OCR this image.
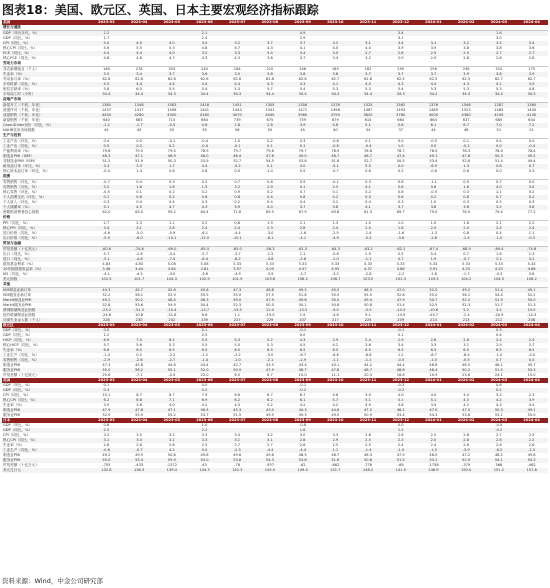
图表18：美国、欧元区、英国、日本主要宏观经济指标跟踪
美国	2023-03	2023-04	2023-05	2023-06	2023-07	2023-08	2023-09	2023-10	2023-11	2023-12	2024-01	2024-02	2024-03	2024-04
增长与通胀														
GDP（环比年化，%）	2.2			2.1			4.9			3.4			1.6	
GDP（同比，%）	1.7			2.4			2.9			3.1			3.0	
CPI（同比，%）	5.0	4.9	4.0	3.0	3.2	3.7	3.7	3.2	3.1	3.4	3.1	3.2	3.5	3.4
核心CPI（同比，%）	5.6	5.5	5.3	4.8	4.7	4.3	4.1	4.0	4.0	3.9	3.9	3.8	3.8	3.6
PCE（同比，%）	4.4	4.4	4.0	3.2	3.3	3.4	3.4	3.0	2.7	2.6	2.5	2.5	2.7	2.7
核心PCE（同比，%）	4.8	4.8	4.7	4.3	4.3	3.8	3.7	3.4	3.2	2.9	2.9	2.8	2.8	2.8
劳动力市场														
非农新增就业（千人）	146	278	303	240	184	210	246	165	182	290	256	236	310	175
失业率（%）	3.5	3.4	3.7	3.6	3.5	3.8	3.8	3.8	3.7	3.7	3.7	3.9	3.8	3.9
劳动参与率（%）	62.6	62.6	62.6	62.6	62.6	62.8	62.8	62.7	62.8	62.5	62.5	62.5	62.7	62.7
平均时薪（同比，%）	4.5	4.4	4.4	4.4	4.4	4.3	4.3	4.1	4.0	4.3	4.4	4.3	4.1	3.9
职位空缺率（%）	5.8	6.0	5.5	5.4	5.3	5.7	5.4	5.3	5.3	5.4	5.3	5.3	5.3	4.8
平均周工时（小时）	34.4	34.4	34.3	34.4	34.3	34.4	34.4	34.3	34.4	34.3	34.2	34.3	34.4	34.3
房地产市场														
新屋开工（千套，年化）	1380	1348	1583	1418	1451	1305	1356	1376	1525	1562	1376	1546	1287	1360
营建许可（千套，年化）	1437	1417	1496	1441	1443	1541	1471	1498	1467	1493	1489	1523	1485	1440
成屋销售（千套，年化）	4430	4280	4300	4160	4070	4040	3960	3790	3820	3780	4000	4380	4190	4140
新屋销售（千套，年化）	640	683	715	684	739	675	759	679	615	664	664	637	665	634
Case-Shiller房价（同比，%）	-1.2	-1.7	-0.5	0.8	1.8	2.6	3.9	4.8	5.1	5.6	6.1	6.7	7.0	7.2
NAHB住房市场指数	44	45	50	55	56	50	45	40	34	37	44	48	51	51
生产与投资														
工业产出（环比，%）	0.4	0.0	-0.1	-0.4	1.0	0.2	0.3	-0.8	0.1	0.0	-0.5	0.1	0.4	0.0
工业产出（同比，%）	0.5	0.2	0.2	-0.4	-0.1	0.1	0.1	-0.8	-0.4	1.0	0.0	-0.2	0.0	-0.4
产能利用率（%）	79.6	79.5	79.4	78.9	79.7	79.6	79.7	78.9	78.8	78.7	78.5	78.3	78.4	78.4
制造业PMI（ISM）	46.3	47.1	46.9	46.0	46.4	47.6	49.0	46.7	46.7	47.4	49.1	47.8	50.3	49.2
非制造业PMI（ISM）	51.2	51.9	50.3	53.9	52.7	54.5	53.6	51.8	52.7	50.5	53.4	52.6	51.4	49.4
耐用品订单（环比，%）	3.3	3.3	1.7	4.4	-5.2	0.1	4.0	-5.1	5.5	0.0	-6.9	1.3	0.8	0.7
核心资本品订单（环比，%）	-0.4	1.4	0.6	0.8	0.0	1.0	0.5	-0.7	0.6	0.2	-0.6	0.6	0.0	0.3
消费														
零售销售（环比，%）	-0.7	0.4	0.3	0.2	0.7	0.8	0.9	-0.1	0.3	0.6	-1.1	0.9	0.7	0.0
零售销售（同比，%）	5.2	1.6	1.6	1.5	3.2	2.9	4.1	2.5	4.1	5.6	0.6	1.6	4.0	3.0
核心零售（环比，%）	-0.5	0.1	0.2	0.2	0.9	0.2	0.7	0.1	0.2	0.6	-0.5	0.3	1.1	0.2
个人消费支出（环比，%）	0.1	0.6	0.2	0.6	0.8	0.4	0.8	0.2	0.3	0.6	0.2	0.8	0.7	0.2
个人收入（环比，%）	0.3	0.4	0.4	0.3	0.2	0.4	0.4	0.2	0.4	0.3	1.0	0.3	0.5	0.3
个人储蓄率（%）	5.1	4.5	4.7	4.3	3.9	4.0	3.7	3.8	4.1	3.7	3.8	3.6	3.2	3.6
密歇根消费者信心指数	62.0	63.5	59.2	64.4	71.6	69.5	67.9	63.8	61.3	69.7	79.0	76.9	79.4	77.2
价格														
PPI（同比，%）	2.7	2.3	1.1	0.2	0.8	1.9	2.1	1.3	1.0	1.0	1.0	1.6	2.1	2.2
核心PPI（同比，%）	3.4	3.1	2.8	2.4	2.4	2.3	2.8	2.4	2.0	1.8	2.0	2.0	2.4	2.4
进口价格（同比，%）	-4.8	-5.0	-5.9	-6.1	-4.4	-3.0	-1.6	-2.0	-1.4	-1.6	-1.3	0.8	0.4	1.1
出口价格（同比，%）	-5.9	-6.0	-10.1	-12.0	-10.1	-8.1	-4.1	-4.9	-5.2	-3.6	-2.6	-1.4	-1.0	-0.3
贸易与金融														
贸易差额（十亿美元）	-60.6	-74.6	-69.0	-65.5	-65.0	-58.3	-61.5	-64.3	-63.2	-62.2	-67.4	-68.9	-69.4	-74.6
出口（同比，%）	4.7	-2.6	-4.4	-5.7	-3.7	-1.5	1.1	-0.6	2.9	0.5	5.4	0.7	1.6	1.3
进口（同比，%）	-5.1	-4.8	-7.4	-8.4	-6.2	-4.8	-2.8	-2.0	-1.1	0.7	1.9	-0.7	2.2	4.2
联邦基金利率（%）	4.83	4.83	5.08	5.08	5.33	5.33	5.33	5.33	5.33	5.33	5.33	5.33	5.33	5.33
10年期国债收益率（%）	3.48	3.44	3.64	3.81	3.97	4.09	4.57	4.93	4.37	3.88	3.91	4.25	4.20	4.68
M2（同比，%）	-4.1	-4.5	-4.0	-3.6	-3.9	-3.9	-3.7	-3.2	-2.8	-2.2	-1.8	-1.7	-0.3	0.6
美元指数	102.5	101.7	104.3	102.9	101.9	103.6	106.2	106.7	103.5	101.3	103.3	104.2	104.5	106.2
其他														
ISM制造业新订单	44.3	45.7	42.6	45.6	47.3	46.8	49.2	45.5	48.3	47.0	52.5	49.2	51.4	49.1
ISM服务业新订单	52.2	56.1	52.9	55.5	55.0	57.5	51.8	55.5	55.5	52.8	55.0	56.1	54.4	52.2
Markit制造业PMI	49.2	50.2	48.4	46.3	49.0	47.9	49.8	50.0	49.4	47.9	50.7	52.2	51.9	50.0
Markit服务业PMI	52.6	53.6	54.9	54.4	52.3	50.5	50.1	50.6	50.8	51.4	52.5	52.3	51.7	51.3
费城联储制造业指数	-23.2	-31.3	-10.4	-13.7	-13.5	12.0	-13.5	-9.0	-5.9	-10.5	-10.6	5.2	3.2	15.5
纽约联储制造业指数	-24.6	10.8	-31.8	6.6	1.1	-19.0	1.9	-4.6	9.1	-14.5	-43.7	-2.4	-20.9	-14.3
初请失业金人数（千人）	228	230	232	239	227	229	207	217	225	209	214	213	212	208
欧元区	2023-03	2023-04	2023-05	2023-06	2023-07	2023-08	2023-09	2023-10	2023-11	2023-12	2024-01	2024-02	2024-03	2024-04
GDP（环比，%）	0.0			0.1			-0.1			-0.1			0.3	
GDP（同比，%）	1.2			0.5			0.0			0.1			0.4	
HICP（同比，%）	6.9	7.0	6.1	5.5	5.3	5.2	4.3	2.9	2.4	2.9	2.8	2.6	2.4	2.4
核心HICP（同比，%）	5.7	5.6	5.3	5.5	5.5	5.3	4.5	4.2	3.6	3.4	3.3	3.1	2.9	2.7
失业率（%）	6.6	6.5	6.5	6.5	6.5	6.5	6.5	6.5	6.5	6.5	6.5	6.5	6.5	6.5
工业生产（同比，%）	-1.4	0.2	-2.2	-1.2	-2.2	-5.0	-6.7	-6.6	-6.8	1.2	-6.7	-6.4	-1.0	-3.0
零售销售（同比，%）	-2.9	-2.6	-2.7	-1.4	-1.0	-2.1	-2.9	-1.1	-1.1	-0.5	-1.0	-0.5	0.7	0.0
制造业PMI	47.3	45.8	44.8	43.4	42.7	43.5	43.4	43.1	44.2	44.4	46.6	46.5	46.1	45.7
服务业PMI	55.0	56.2	55.1	52.0	50.9	47.9	48.7	47.8	48.7	48.8	48.4	50.2	51.5	53.3
贸易差额（十亿欧元）	25.6	-7.1	-0.3	23.0	6.5	6.7	10.0	11.1	20.3	16.8	10.9	23.6	24.1	15.0
英国	2023-03	2023-04	2023-05	2023-06	2023-07	2023-08	2023-09	2023-10	2023-11	2023-12	2024-01	2024-02	2024-03	2024-04
GDP（环比，%）	0.1			0.0			-0.1			-0.3			0.6	
GDP（同比，%）	0.3			0.2			-0.2			-0.2			0.2	
CPI（同比，%）	10.1	8.7	8.7	7.9	6.8	6.7	6.7	4.6	3.9	4.0	4.0	3.4	3.2	2.3
核心CPI（同比，%）	6.2	6.8	7.1	6.9	6.2	6.2	6.1	5.7	5.1	5.1	5.1	4.5	4.2	3.9
失业率（%）	3.9	3.8	4.0	4.2	4.3	4.2	4.2	4.2	3.9	3.8	3.9	4.2	4.3	4.4
制造业PMI	47.9	47.8	47.1	46.5	45.3	43.0	44.3	44.8	47.2	46.2	47.0	47.5	50.3	49.1
服务业PMI	52.9	55.9	55.2	53.7	51.5	49.5	49.3	49.5	50.9	53.4	54.3	53.8	53.1	55.0
日本	2023-03	2023-04	2023-05	2023-06	2023-07	2023-08	2023-09	2023-10	2023-11	2023-12	2024-01	2024-02	2024-03	2024-04
GDP（环比，%）	0.8			1.0			-0.8			0.0			-0.5	
GDP（同比，%）	2.5			2.2			1.6			1.2			-0.2	
CPI（同比，%）	3.2	3.5	3.2	3.3	3.3	3.2	3.0	3.3	2.8	2.6	2.2	2.8	2.7	2.5
核心CPI（同比，%）	3.1	3.4	3.2	3.3	3.1	3.1	2.8	2.9	2.5	2.3	2.0	2.8	2.6	2.2
失业率（%）	2.8	2.6	2.6	2.5	2.7	2.7	2.6	2.5	2.5	2.4	2.4	2.6	2.6	2.6
工业生产（同比，%）	-0.6	-0.7	4.2	0.0	-2.3	-4.4	-4.4	1.1	-1.4	-1.0	-1.5	-3.9	-6.2	-2.3
制造业PMI	49.2	49.5	50.6	49.8	49.6	49.6	48.5	48.7	48.3	47.9	48.0	47.2	48.2	49.6
服务业PMI	55.0	55.4	55.9	54.0	53.8	54.3	53.8	51.6	50.8	51.5	53.1	52.9	54.1	54.3
贸易差额（十亿日元）	-755	-433	-1372	43	-78	-937	-62	-662	-776	-69	-1758	-379	366	-462
美元兑日元	132.8	136.3	139.4	144.3	142.3	145.5	149.4	151.7	148.2	141.0	146.9	150.0	151.2	157.8
资料来源：Wind，中金公司研究部
